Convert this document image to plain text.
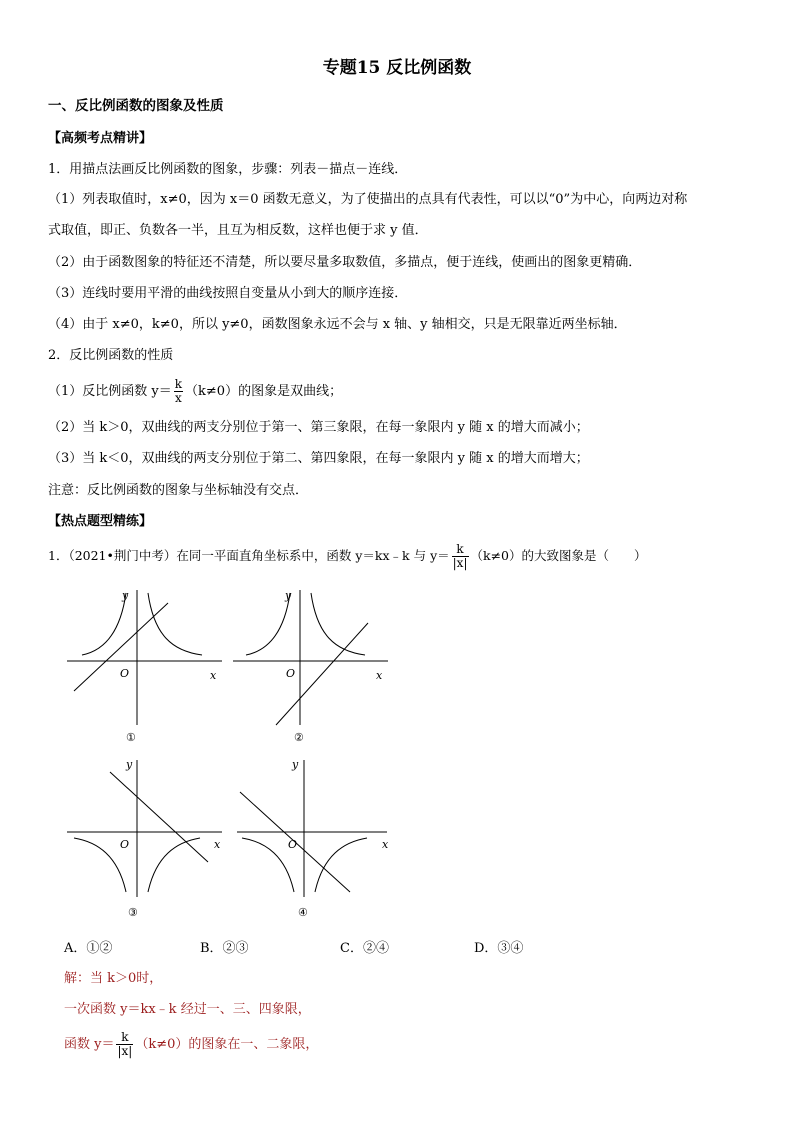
专题15 反比例函数
一、反比例函数的图象及性质
【高频考点精讲】
1．用描点法画反比例函数的图象，步骤：列表－描点－连线．
（1）列表取值时，x≠0，因为 x＝0 函数无意义，为了使描出的点具有代表性，可以以“0”为中心，向两边对称
式取值，即正、负数各一半，且互为相反数，这样也便于求 y 值．
（2）由于函数图象的特征还不清楚，所以要尽量多取数值，多描点，便于连线，使画出的图象更精确．
（3）连线时要用平滑的曲线按照自变量从小到大的顺序连接．
（4）由于 x≠0，k≠0，所以 y≠0，函数图象永远不会与 x 轴、y 轴相交，只是无限靠近两坐标轴．
2．反比例函数的性质
（1）反比例函数 $y= \frac{k}{x} (k\ne 0)$的图象是双曲线；
（2）当 k＞0，双曲线的两支分别位于第一、第三象限，在每一象限内 y 随 x 的增大而减小；
（3）当 k＜0，双曲线的两支分别位于第二、第四象限，在每一象限内 y 随 x 的增大而增大；
注意：反比例函数的图象与坐标轴没有交点．
【热点题型精练】
1．（2021•荆门中考）在同一平面直角坐标系中，函数 y＝kx﹣k 与 $y= \frac{k}{|x|} (k\ne 0)$的大致图象是（　　）
O	x
y
①
O	x
y
②
O	x
y
③
O	x
y
④
A．①②	B．②③	C．②④	D．③④
解：当 k＞0时，
一次函数 y＝kx﹣k 经过一、三、四象限，
函数 $y= \frac{k}{|x|} (k\ne 0)$的图象在一、二象限，
